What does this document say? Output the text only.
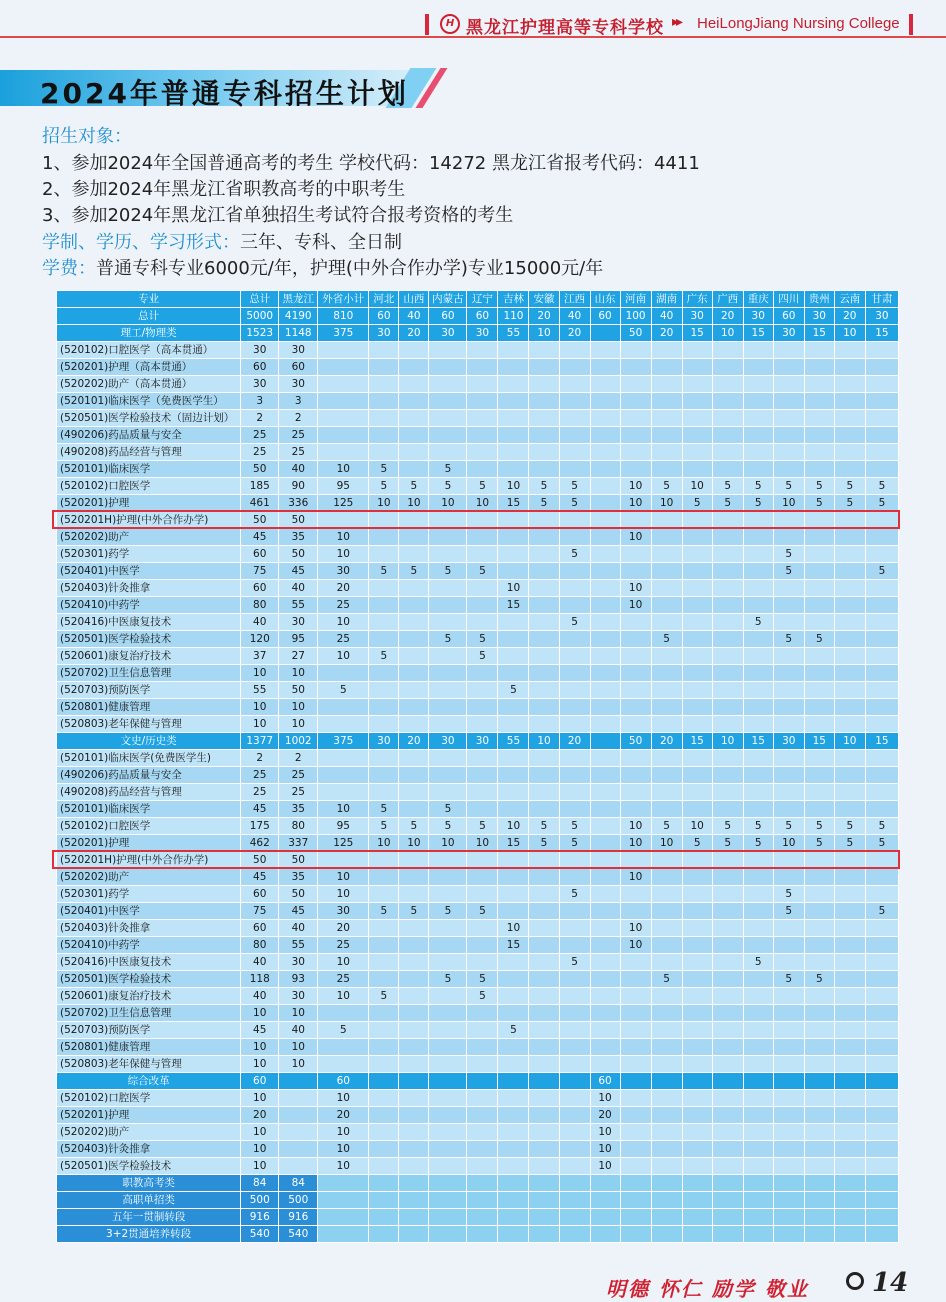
H 黑龙江护理高等专科学校 ▸▸ HeiLongJiang Nursing College
2024年普通专科招生计划
招生对象：
1、参加2024年全国普通高考的考生 学校代码：14272 黑龙江省报考代码：4411
2、参加2024年黑龙江省职教高考的中职考生
3、参加2024年黑龙江省单独招生考试符合报考资格的考生
学制、学历、学习形式：三年、专科、全日制
学费：普通专科专业6000元/年，护理(中外合作办学)专业15000元/年
专业	总计	黑龙江	外省小计	河北	山西	内蒙古	辽宁	吉林	安徽	江西	山东	河南	湖南	广东	广西	重庆	四川	贵州	云南	甘肃
总计	5000	4190	810	60	40	60	60	110	20	40	60	100	40	30	20	30	60	30	20	30
理工/物理类	1523	1148	375	30	20	30	30	55	10	20		50	20	15	10	15	30	15	10	15
(520102)口腔医学（高本贯通）	30	30																		
(520201)护理（高本贯通）	60	60																		
(520202)助产（高本贯通）	30	30																		
(520101)临床医学（免费医学生）	3	3																		
(520501)医学检验技术（固边计划）	2	2																		
(490206)药品质量与安全	25	25																		
(490208)药品经营与管理	25	25																		
(520101)临床医学	50	40	10	5		5														
(520102)口腔医学	185	90	95	5	5	5	5	10	5	5		10	5	10	5	5	5	5	5	5
(520201)护理	461	336	125	10	10	10	10	15	5	5		10	10	5	5	5	10	5	5	5
(520201H)护理(中外合作办学)	50	50																		
(520202)助产	45	35	10									10								
(520301)药学	60	50	10							5							5			
(520401)中医学	75	45	30	5	5	5	5										5			5
(520403)针灸推拿	60	40	20					10				10								
(520410)中药学	80	55	25					15				10								
(520416)中医康复技术	40	30	10							5						5				
(520501)医学检验技术	120	95	25			5	5						5				5	5		
(520601)康复治疗技术	37	27	10	5			5													
(520702)卫生信息管理	10	10																		
(520703)预防医学	55	50	5					5												
(520801)健康管理	10	10																		
(520803)老年保健与管理	10	10																		
文史/历史类	1377	1002	375	30	20	30	30	55	10	20		50	20	15	10	15	30	15	10	15
(520101)临床医学(免费医学生)	2	2																		
(490206)药品质量与安全	25	25																		
(490208)药品经营与管理	25	25																		
(520101)临床医学	45	35	10	5		5														
(520102)口腔医学	175	80	95	5	5	5	5	10	5	5		10	5	10	5	5	5	5	5	5
(520201)护理	462	337	125	10	10	10	10	15	5	5		10	10	5	5	5	10	5	5	5
(520201H)护理(中外合作办学)	50	50																		
(520202)助产	45	35	10									10								
(520301)药学	60	50	10							5							5			
(520401)中医学	75	45	30	5	5	5	5										5			5
(520403)针灸推拿	60	40	20					10				10								
(520410)中药学	80	55	25					15				10								
(520416)中医康复技术	40	30	10							5						5				
(520501)医学检验技术	118	93	25			5	5						5				5	5		
(520601)康复治疗技术	40	30	10	5			5													
(520702)卫生信息管理	10	10																		
(520703)预防医学	45	40	5					5												
(520801)健康管理	10	10																		
(520803)老年保健与管理	10	10																		
综合改革	60		60								60									
(520102)口腔医学	10		10								10									
(520201)护理	20		20								20									
(520202)助产	10		10								10									
(520403)针灸推拿	10		10								10									
(520501)医学检验技术	10		10								10									
职教高考类	84	84																		
高职单招类	500	500																		
五年一贯制转段	916	916																		
3+2贯通培养转段	540	540																		
明德 怀仁 励学 敬业 14
